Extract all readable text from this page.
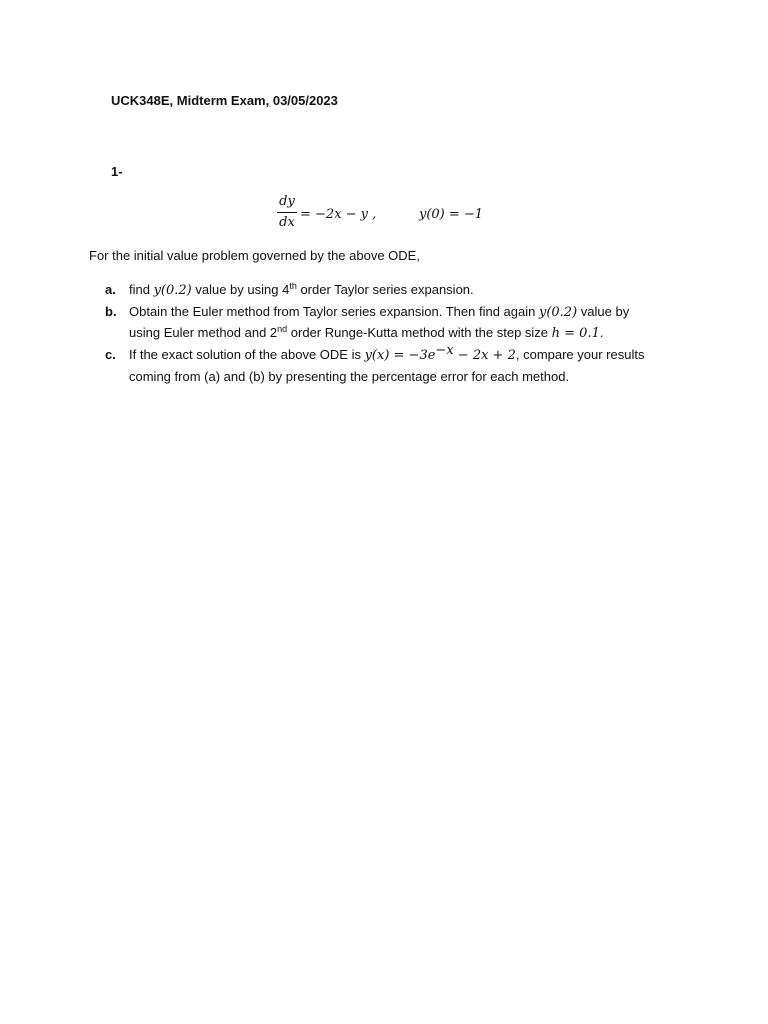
UCK348E, Midterm Exam, 03/05/2023
1-
dy
dx
= −2x − y ,	y(0) = −1
For the initial value problem governed by the above ODE,
a. find y(0.2) value by using 4th order Taylor series expansion.
b. Obtain the Euler method from Taylor series expansion. Then find again y(0.2) value by
using Euler method and 2nd order Runge-Kutta method with the step size h = 0.1.
c. If the exact solution of the above ODE is $y(x) = -3e^{-x} - 2x + 2$, compare your results
coming from (a) and (b) by presenting the percentage error for each method.
